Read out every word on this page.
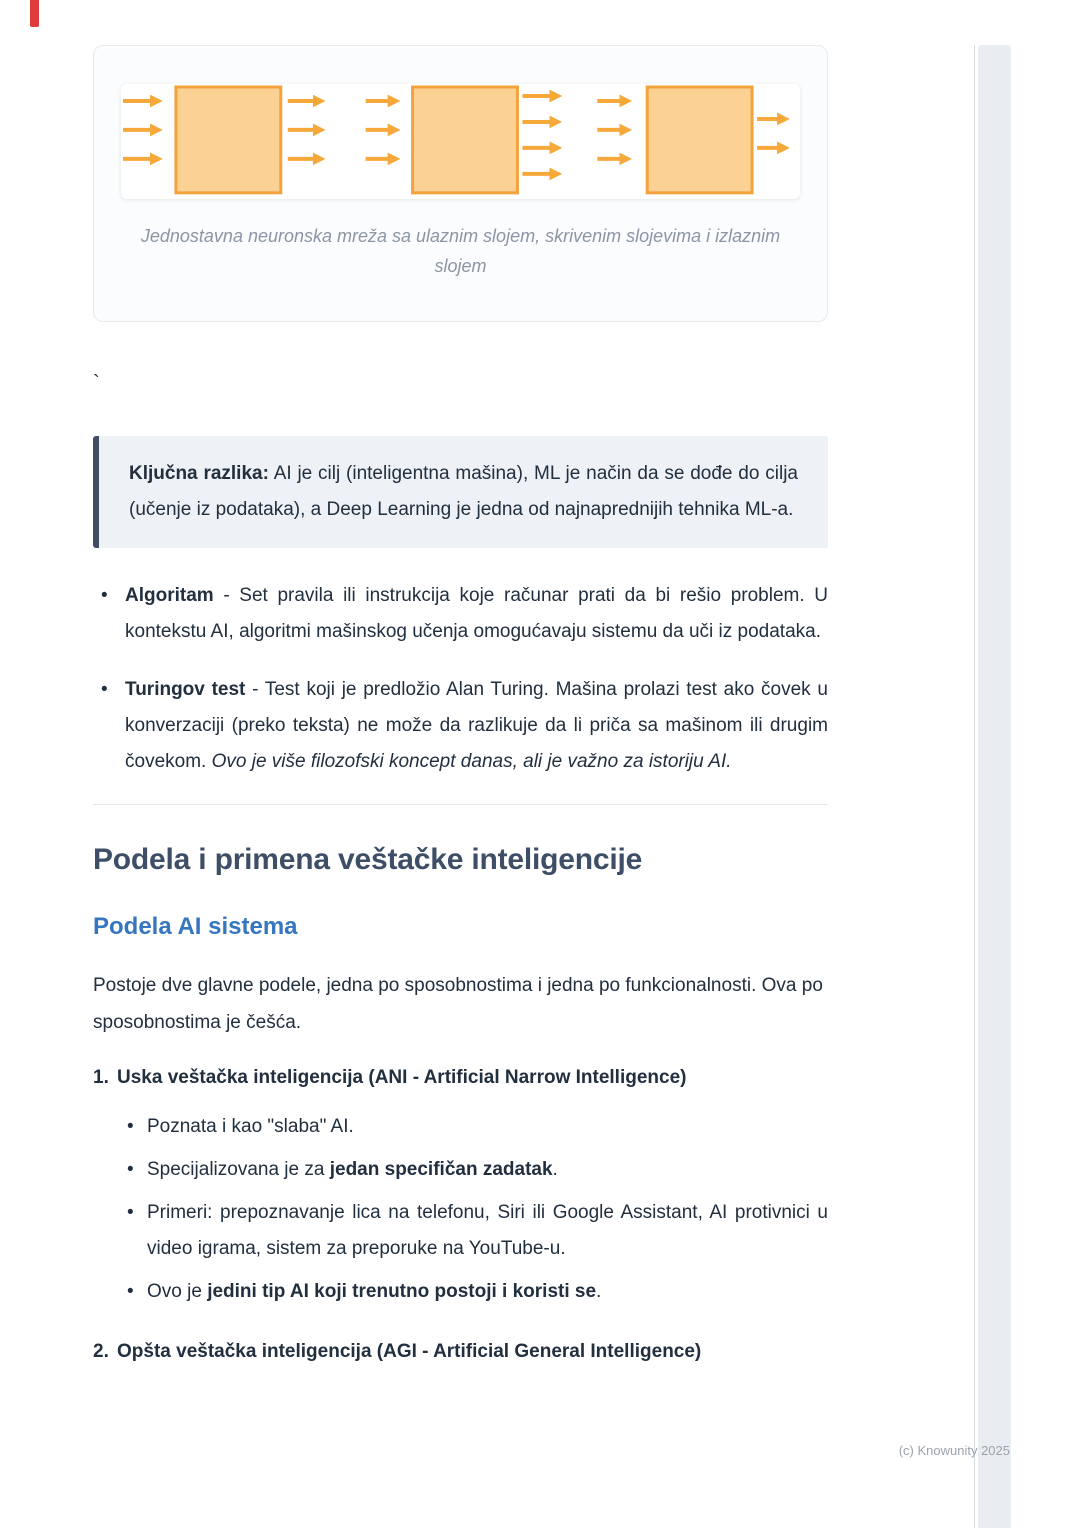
Jednostavna neuronska mreža sa ulaznim slojem, skrivenim slojevima i izlaznim slojem
`

Ključna razlika: AI je cilj (inteligentna mašina), ML je način da se dođe do cilja (učenje iz podataka), a Deep Learning je jedna od najnaprednijih tehnika ML-a.

• Algoritam - Set pravila ili instrukcija koje računar prati da bi rešio problem. U kontekstu AI, algoritmi mašinskog učenja omogućavaju sistemu da uči iz podataka.
• Turingov test - Test koji je predložio Alan Turing. Mašina prolazi test ako čovek u konverzaciji (preko teksta) ne može da razlikuje da li priča sa mašinom ili drugim čovekom. Ovo je više filozofski koncept danas, ali je važno za istoriju AI.
Podela i primena veštačke inteligencije
Podela AI sistema

Postoje dve glavne podele, jedna po sposobnostima i jedna po funkcionalnosti. Ova po sposobnostima je češća.

1. Uska veštačka inteligencija (ANI - Artificial Narrow Intelligence)
• Poznata i kao "slaba" AI.
• Specijalizovana je za jedan specifičan zadatak.
• Primeri: prepoznavanje lica na telefonu, Siri ili Google Assistant, AI protivnici u video igrama, sistem za preporuke na YouTube-u.
• Ovo je jedini tip AI koji trenutno postoji i koristi se.
2. Opšta veštačka inteligencija (AGI - Artificial General Intelligence)
(c) Knowunity 2025
